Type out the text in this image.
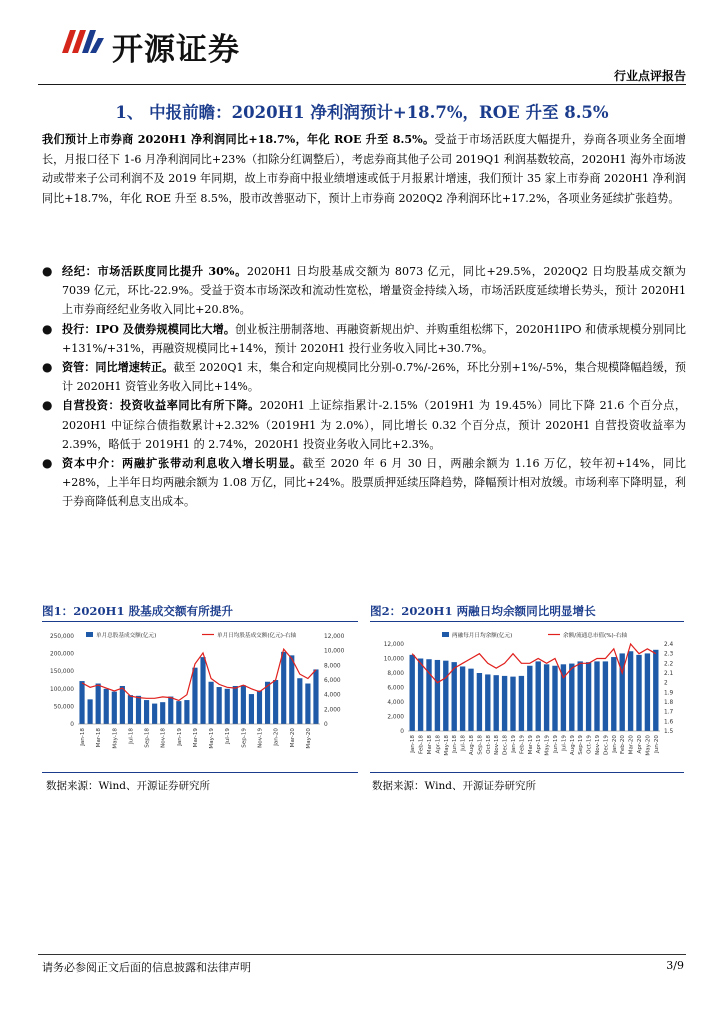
开源证券
行业点评报告
1、 中报前瞻：2020H1 净利润预计+18.7%，ROE 升至 8.5%
我们预计上市券商 2020H1 净利润同比+18.7%，年化 ROE 升至 8.5%。受益于市场活跃度大幅提升，券商各项业务全面增长，月报口径下 1-6 月净利润同比+23%（扣除分红调整后），考虑券商其他子公司 2019Q1 利润基数较高，2020H1 海外市场波动或带来子公司利润不及 2019 年同期，故上市券商中报业绩增速或低于月报累计增速，我们预计 35 家上市券商 2020H1 净利润同比+18.7%，年化 ROE 升至 8.5%，股市改善驱动下，预计上市券商 2020Q2 净利润环比+17.2%，各项业务延续扩张趋势。
● 经纪：市场活跃度同比提升 30%。2020H1 日均股基成交额为 8073 亿元，同比+29.5%，2020Q2 日均股基成交额为 7039 亿元，环比-22.9%。受益于资本市场深改和流动性宽松，增量资金持续入场，市场活跃度延续增长势头，预计 2020H1 上市券商经纪业务收入同比+20.8%。
● 投行：IPO 及债券规模同比大增。创业板注册制落地、再融资新规出炉、并购重组松绑下，2020H1IPO 和债承规模分别同比+131%/+31%，再融资规模同比+14%，预计 2020H1 投行业务收入同比+30.7%。
● 资管：同比增速转正。截至 2020Q1 末，集合和定向规模同比分别-0.7%/-26%，环比分别+1%/-5%，集合规模降幅趋缓，预计 2020H1 资管业务收入同比+14%。
● 自营投资：投资收益率同比有所下降。2020H1 上证综指累计-2.15%（2019H1 为 19.45%）同比下降 21.6 个百分点，2020H1 中证综合债指数累计+2.32%（2019H1 为 2.0%），同比增长 0.32 个百分点，预计 2020H1 自营投资收益率为 2.39%，略低于 2019H1 的 2.74%，2020H1 投资业务收入同比+2.3%。
● 资本中介：两融扩张带动利息收入增长明显。截至 2020 年 6 月 30 日，两融余额为 1.16 万亿，较年初+14%，同比+28%，上半年日均两融余额为 1.08 万亿，同比+24%。股票质押延续压降趋势，降幅预计相对放缓。市场利率下降明显，利于券商降低利息支出成本。
图1：2020H1 股基成交额有所提升
单月总股基成交额(亿元)	单月日均股基成交额(亿元)-右轴
0
50,000
100,000
150,000
200,000
250,000
0
2,000
4,000
6,000
8,000
10,000
12,000
Jan-18 Mar-18 May-18 Jul-18 Sep-18 Nov-18 Jan-19 Mar-19 May-19 Jul-19 Sep-19 Nov-19 Jan-20 Mar-20 May-20
数据来源：Wind、开源证券研究所
图2：2020H1 两融日均余额同比明显增长
两融每月日均余额(亿元)	余额/流通总市值(%)-右轴
0
2,000
4,000
6,000
8,000
10,000
12,000
1.5
1.6
1.7
1.8
1.9
2
2.1
2.2
2.3
2.4
Jan-18 Feb-18 Mar-18 Apr-18 May-18 Jun-18 Jul-18 Aug-18 Sep-18 Oct-18 Nov-18 Dec-18 Jan-19 Feb-19 Mar-19 Apr-19 May-19 Jun-19 Jul-19 Aug-19 Sep-19 Oct-19 Nov-19 Dec-19 Jan-20 Feb-20 Mar-20 Apr-20 May-20 Jun-20
数据来源：Wind、开源证券研究所
请务必参阅正文后面的信息披露和法律声明	3/9
